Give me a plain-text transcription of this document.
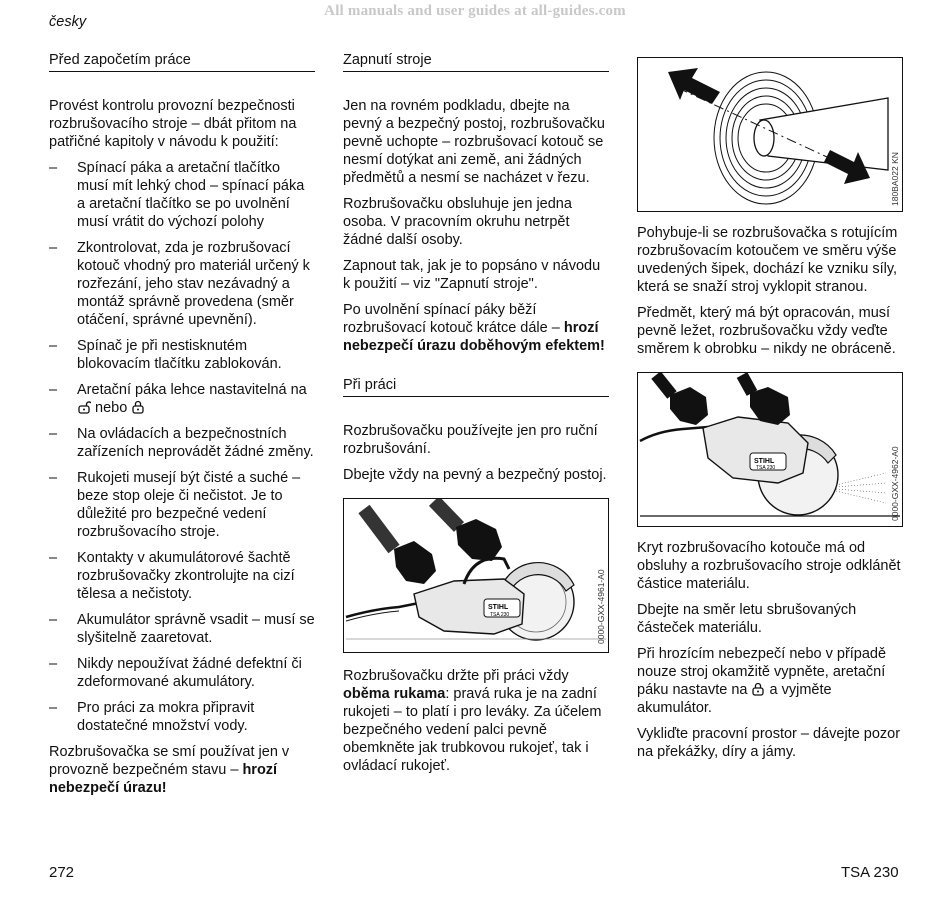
All manuals and user guides at all-guides.com
česky
Před započetím práce

Provést kontrolu provozní bezpečnosti rozbrušovacího stroje – dbát přitom na patřičné kapitoly v návodu k použití:

– Spínací páka a aretační tlačítko musí mít lehký chod – spínací páka a aretační tlačítko se po uvolnění musí vrátit do výchozí polohy
– Zkontrolovat, zda je rozbrušovací kotouč vhodný pro materiál určený k rozřezání, jeho stav nezávadný a montáž správně provedena (směr otáčení, správné upevnění).
– Spínač je při nestisknutém blokovacím tlačítku zablokován.
– Aretační páka lehce nastavitelná na
nebo
– Na ovládacích a bezpečnostních zařízeních neprovádět žádné změny.
– Rukojeti musejí být čisté a suché – beze stop oleje či nečistot. Je to důležité pro bezpečné vedení rozbrušovacího stroje.
– Kontakty v akumulátorové šachtě rozbrušovačky zkontrolujte na cizí tělesa a nečistoty.
– Akumulátor správně vsadit – musí se slyšitelně zaaretovat.
– Nikdy nepoužívat žádné defektní či zdeformované akumulátory.
– Pro práci za mokra připravit dostatečné množství vody.

Rozbrušovačka se smí používat jen v provozně bezpečném stavu – hrozí nebezpečí úrazu!

Zapnutí stroje

Jen na rovném podkladu, dbejte na pevný a bezpečný postoj, rozbrušovačku pevně uchopte – rozbrušovací kotouč se nesmí dotýkat ani země, ani žádných předmětů a nesmí se nacházet v řezu.

Rozbrušovačku obsluhuje jen jedna osoba. V pracovním okruhu netrpět žádné další osoby.

Zapnout tak, jak je to popsáno v návodu k použití – viz "Zapnutí stroje".

Po uvolnění spínací páky běží rozbrušovací kotouč krátce dále – hrozí nebezpečí úrazu doběhovým efektem!

Při práci

Rozbrušovačku používejte jen pro ruční rozbrušování.

Dbejte vždy na pevný a bezpečný postoj.

STIHL
TSA 230	0000-GXX-4961-A0

Rozbrušovačku držte při práci vždy oběma rukama: pravá ruka je na zadní rukojeti – to platí i pro leváky. Za účelem bezpečného vedení palci pevně obemkněte jak trubkovou rukojeť, tak i ovládací rukojeť.

180BA022 KN

Pohybuje-li se rozbrušovačka s rotujícím rozbrušovacím kotoučem ve směru výše uvedených šipek, dochází ke vzniku síly, která se snaží stroj vyklopit stranou.

Předmět, který má být opracován, musí pevně ležet, rozbrušovačku vždy veďte směrem k obrobku – nikdy ne obráceně.

STIHL
TSA 230	0000-GXX-4962-A0

Kryt rozbrušovacího kotouče má od obsluhy a rozbrušovacího stroje odklánět částice materiálu.

Dbejte na směr letu sbrušovaných částeček materiálu.

Při hrozícím nebezpečí nebo v případě nouze stroj okamžitě vypněte, aretační páku nastavte na a vyjměte akumulátor.

Vykliďte pracovní prostor – dávejte pozor na překážky, díry a jámy.

272	TSA 230
